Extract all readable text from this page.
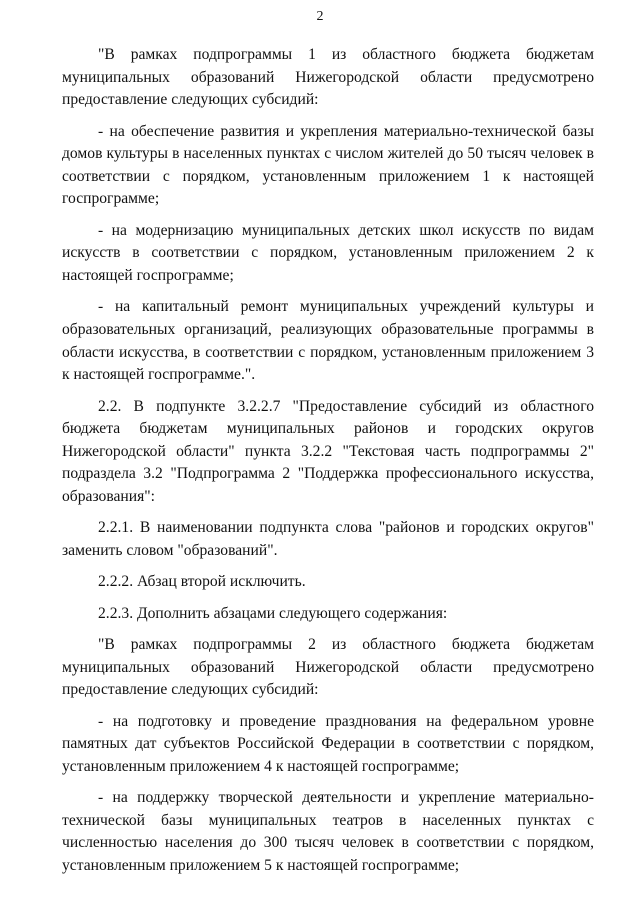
2

"В рамках подпрограммы 1 из областного бюджета бюджетам муниципальных образований Нижегородской области предусмотрено предоставление следующих субсидий:

- на обеспечение развития и укрепления материально-технической базы домов культуры в населенных пунктах с числом жителей до 50 тысяч человек в соответствии с порядком, установленным приложением 1 к настоящей госпрограмме;

- на модернизацию муниципальных детских школ искусств по видам искусств в соответствии с порядком, установленным приложением 2 к настоящей госпрограмме;

- на капитальный ремонт муниципальных учреждений культуры и образовательных организаций, реализующих образовательные программы в области искусства, в соответствии с порядком, установленным приложением 3 к настоящей госпрограмме.".

2.2. В подпункте 3.2.2.7 "Предоставление субсидий из областного бюджета бюджетам муниципальных районов и городских округов Нижегородской области" пункта 3.2.2 "Текстовая часть подпрограммы 2" подраздела 3.2 "Подпрограмма 2 "Поддержка профессионального искусства, образования":

2.2.1. В наименовании подпункта слова "районов и городских округов" заменить словом "образований".

2.2.2. Абзац второй исключить.

2.2.3. Дополнить абзацами следующего содержания:

"В рамках подпрограммы 2 из областного бюджета бюджетам муниципальных образований Нижегородской области предусмотрено предоставление следующих субсидий:

- на подготовку и проведение празднования на федеральном уровне памятных дат субъектов Российской Федерации в соответствии с порядком, установленным приложением 4 к настоящей госпрограмме;

- на поддержку творческой деятельности и укрепление материально-технической базы муниципальных театров в населенных пунктах с численностью населения до 300 тысяч человек в соответствии с порядком, установленным приложением 5 к настоящей госпрограмме;
